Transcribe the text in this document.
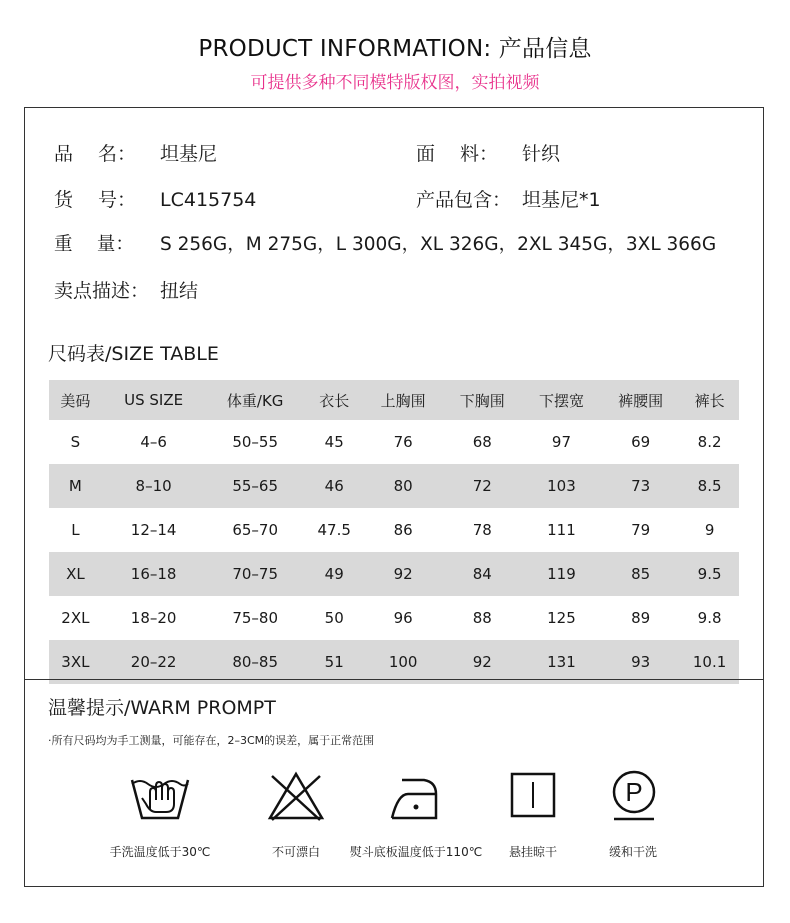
PRODUCT INFORMATION: 产品信息
可提供多种不同模特版权图，实拍视频
品　 名： 坦基尼	面　 料： 针织
货　 号： LC415754	产品包含： 坦基尼*1
重　 量： S 256G，M 275G，L 300G，XL 326G，2XL 345G，3XL 366G
卖点描述： 扭结
尺码表/SIZE TABLE
美码	US SIZE	体重/KG	衣长	上胸围	下胸围	下摆宽	裤腰围	裤长
S	4–6	50–55	45	76	68	97	69	8.2
M	8–10	55–65	46	80	72	103	73	8.5
L	12–14	65–70	47.5	86	78	111	79	9
XL	16–18	70–75	49	92	84	119	85	9.5
2XL	18–20	75–80	50	96	88	125	89	9.8
3XL	20–22	80–85	51	100	92	131	93	10.1
温馨提示/WARM PROMPT
·所有尺码均为手工测量，可能存在，2–3CM的误差，属于正常范围
P
手洗温度低于30℃	不可漂白	熨斗底板温度低于110℃	悬挂晾干	缓和干洗
